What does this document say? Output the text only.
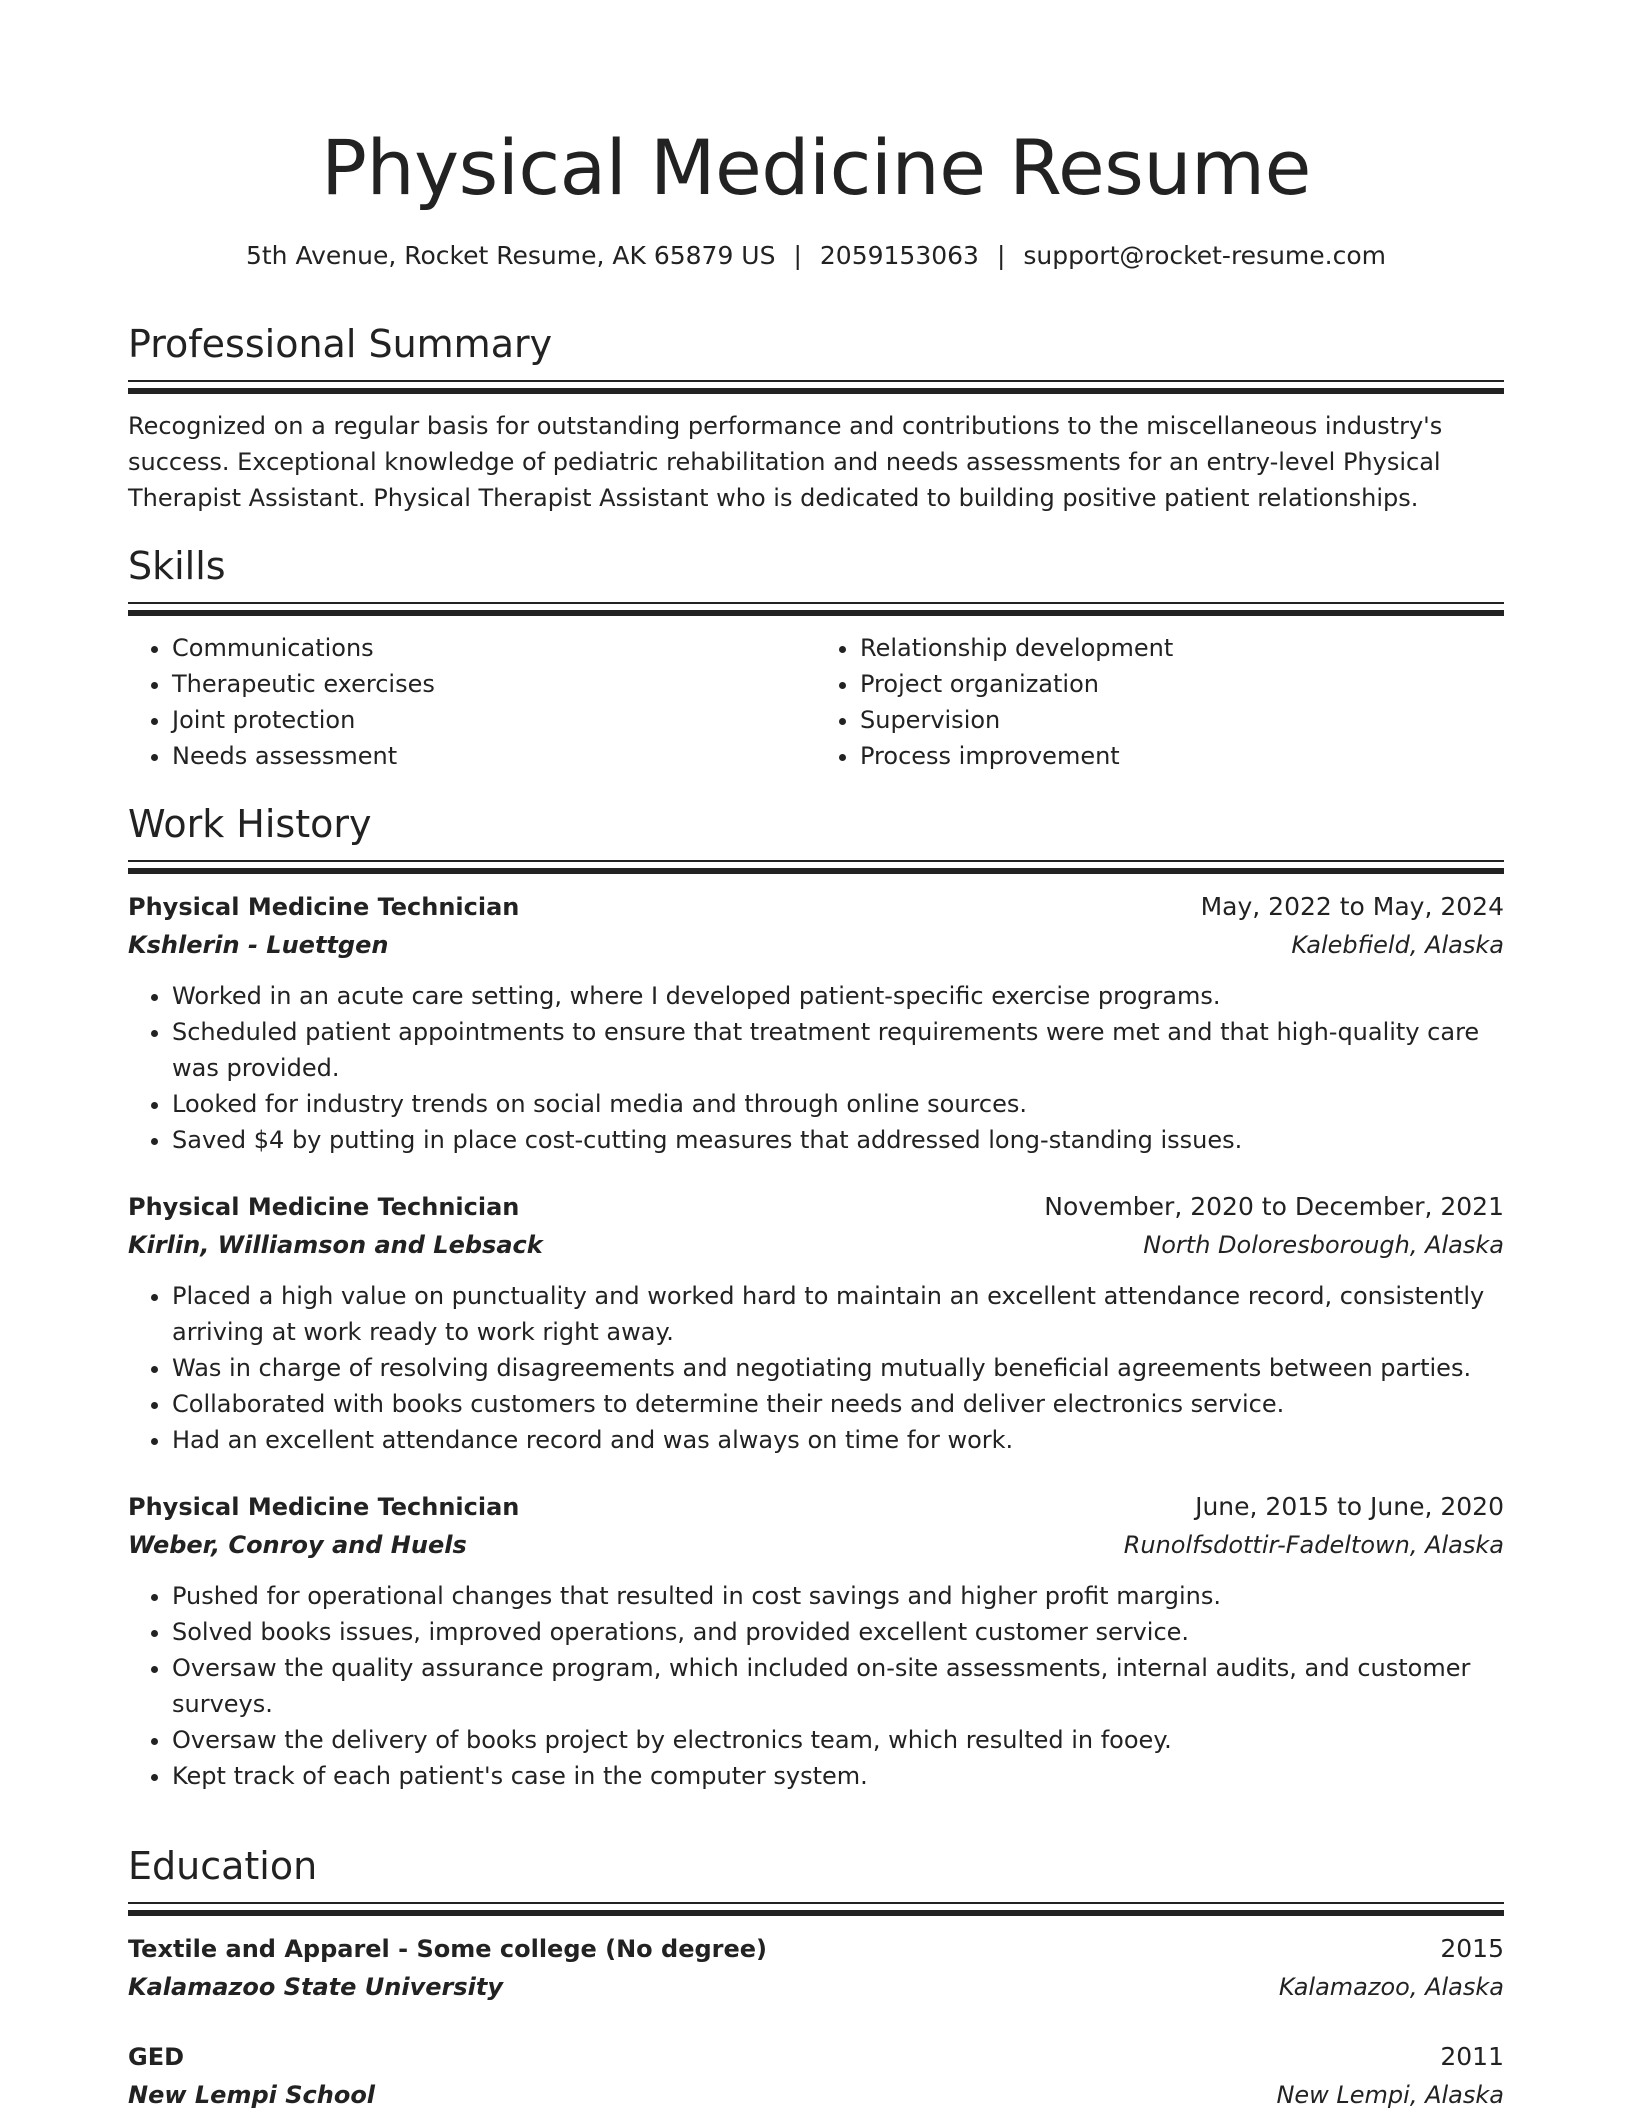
Physical Medicine Resume
5th Avenue, Rocket Resume, AK 65879 US | 2059153063 | support@rocket-resume.com
Professional Summary

Recognized on a regular basis for outstanding performance and contributions to the miscellaneous industry's success. Exceptional knowledge of pediatric rehabilitation and needs assessments for an entry-level Physical Therapist Assistant. Physical Therapist Assistant who is dedicated to building positive patient relationships.

Skills
• Communications
• Therapeutic exercises
• Joint protection
• Needs assessment
• Relationship development
• Project organization
• Supervision
• Process improvement
Work History
Physical Medicine Technician	May, 2022 to May, 2024
Kshlerin - Luettgen	Kalebfield, Alaska
• Worked in an acute care setting, where I developed patient-specific exercise programs.
• Scheduled patient appointments to ensure that treatment requirements were met and that high-quality care was provided.
• Looked for industry trends on social media and through online sources.
• Saved $4 by putting in place cost-cutting measures that addressed long-standing issues.
Physical Medicine Technician	November, 2020 to December, 2021
Kirlin, Williamson and Lebsack	North Doloresborough, Alaska
• Placed a high value on punctuality and worked hard to maintain an excellent attendance record, consistently arriving at work ready to work right away.
• Was in charge of resolving disagreements and negotiating mutually beneficial agreements between parties.
• Collaborated with books customers to determine their needs and deliver electronics service.
• Had an excellent attendance record and was always on time for work.
Physical Medicine Technician	June, 2015 to June, 2020
Weber, Conroy and Huels	Runolfsdottir-Fadeltown, Alaska
• Pushed for operational changes that resulted in cost savings and higher profit margins.
• Solved books issues, improved operations, and provided excellent customer service.
• Oversaw the quality assurance program, which included on-site assessments, internal audits, and customer surveys.
• Oversaw the delivery of books project by electronics team, which resulted in fooey.
• Kept track of each patient's case in the computer system.
Education
Textile and Apparel - Some college (No degree)	2015
Kalamazoo State University	Kalamazoo, Alaska
GED	2011
New Lempi School	New Lempi, Alaska
